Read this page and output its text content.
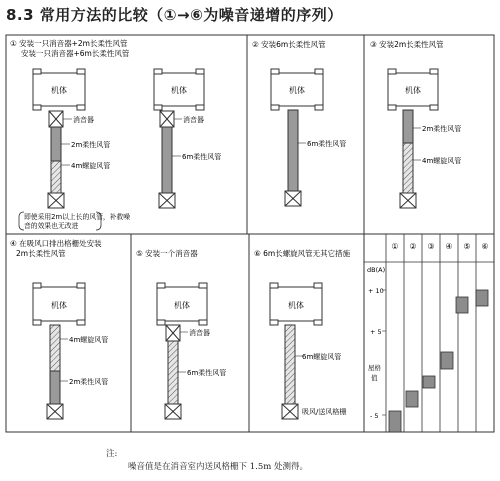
8.3 常用方法的比较（①→⑥为噪音递增的序列）
① 安装一只消音器+2m长柔性风管
安装一只消音器+6m长柔性风管
② 安装6m长柔性风管	③ 安装2m长柔性风管
④ 在吸风口排出格栅处安装
2m长柔性风管	⑤ 安装一个消音器	⑥ 6m长螺旋风管无其它措施
机体
消音器
2m柔性风管
4m螺旋风管
机体
消音器
6m柔性风管
即使采用2m以上长的风管，补救噪
音的效果也无改进
机体
6m柔性风管
机体
2m柔性风管
4m螺旋风管
机体
4m螺旋风管
2m柔性风管
机体
消音器
6m柔性风管
机体
6m螺旋风管
吸风/送风格栅
① ② ③ ④ ⑤ ⑥
dB(A)
+ 10
+ 5
屋格
值
- 5
注:
噪音值是在消音室内送风格栅下 1.5m 处测得。
